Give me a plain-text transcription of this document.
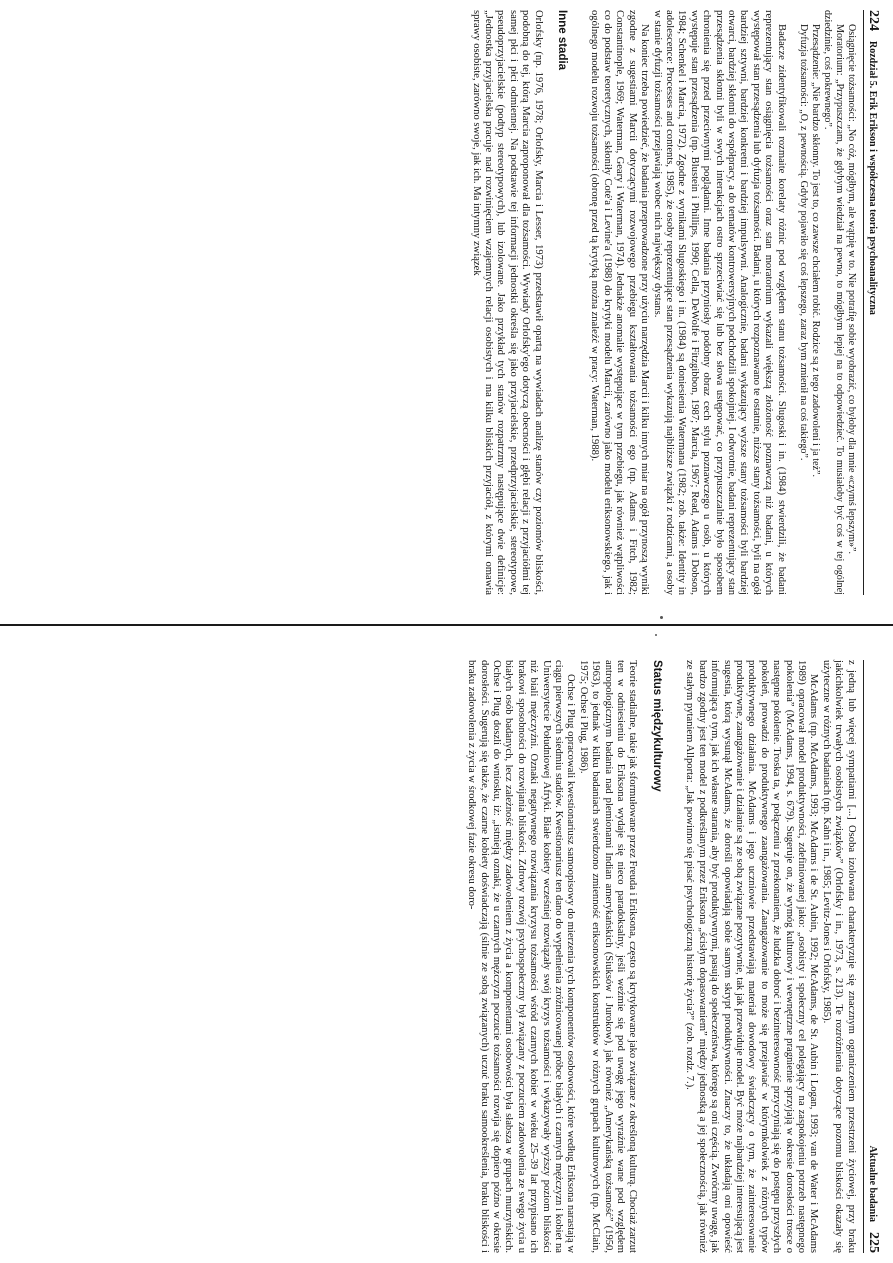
224
Rozdział 5. Erik Erikson i współczesna teoria psychoanalityczna

Osiągnięcie tożsamości: „No cóż, mógłbym, ale wątpię w to. Nie potrafię sobie wyobrazić, co byłoby dla mnie «czymś lepszym»”.

Moratorium: „Przypuszczam, że gdybym wiedział na pewno, to mógłbym lepiej na to odpowiedzieć. To musiałoby być coś w tej ogólnej dziedzinie, coś pokrewnego”.

Przesądzenie: „Nie bardzo skłonny. To jest to, co zawsze chciałem robić. Rodzice są z tego zadowoleni i ja też”.

Dyfuzja tożsamości: „O, z pewnością. Gdyby pojawiło się coś lepszego, zaraz bym zmienił na coś takiego”.

Badacze zidentyfikowali rozmaite korelaty różnic pod względem stanu tożsamości. Slugoski i in. (1984) stwierdzili, że badani reprezentujący stan osiągnięcia tożsamości oraz stan moratorium wykazali większą złożoność poznawczą niż badani, u których występował stan przesądzenia lub dyfuzja tożsamości. Badani, u których rozpoznawano te ostatnie, niższe stany tożsamości, byli na ogół bardziej sztywni, bardziej konkretni i bardziej impulsywni. Analogicznie, badani wykazujący wyższe stany tożsamości byli bardziej otwarci, bardziej skłonni do współpracy, a do tematów kontrowersyjnych podchodzili spokojniej. I odwrotnie, badani reprezentujący stan przesądzenia skłonni byli w swych interakcjach ostro sprzeciwiać się lub bez słowa ustępować, co przypuszczalnie było sposobem chronienia się przed przeciwnymi poglądami. Inne badania przyniosły podobny obraz cech stylu poznawczego u osób, u których występuje stan przesądzenia (np. Blustein i Phillips, 1990; Cella, DeWolfe i Fitzgibbon, 1987; Marcia, 1967; Read, Adams i Dobson, 1984; Schenkel i Marcia, 1972). Zgodne z wynikami Slugoskiego i in. (1984) są doniesienia Watermana (1982; zob. także: Identity in adolescence: Processes and contents, 1985), że osoby reprezentujące stan przesądzenia wykazują najbliższe związki z rodzicami, a osoby w stanie dyfuzji tożsamości przejawiają wobec nich największy dystans.

Na koniec trzeba powiedzieć, że badania przeprowadzone przy użyciu narzędzia Marcii i kilku innych miar na ogół przynoszą wyniki zgodne z sugestiami Marcii dotyczącymi rozwojowego przebiegu kształtowania tożsamości ego (np. Adams i Fitch, 1982; Constantinople, 1969; Waterman, Geary i Waterman, 1974). Jednakże anomalie występujące w tym przebiegu, jak również wątpliwości co do podstaw teoretycznych, skłoniły Coté'a i Levine'a (1988) do krytyki modelu Marcii, zarówno jako modelu eriksonowskiego, jak i ogólnego modelu rozwoju tożsamości (obronę przed tą krytyką można znaleźć w pracy: Waterman, 1988).

Inne stadia

Orlofsky (np. 1976, 1978; Orlofsky, Marcia i Lesser, 1973) przedstawił opartą na wywiadach analizę stanów czy poziomów bliskości, podobną do tej, którą Marcia zaproponował dla tożsamości. Wywiady Orlofsky'ego dotyczą obecności i głębi relacji z przyjaciółmi tej samej płci i płci odmiennej. Na podstawie tej informacji jednostki określa się jako przyjacielskie, przedprzyjacielskie, stereotypowe, pseudoprzyjacielskie (podtyp stereotypowych), lub izolowane. Jako przykład tych stanów rozpatrzmy następujące dwie definicje: „Jednostka przyjacielska pracuje nad rozwinięciem wzajemnych relacji osobistych i ma kilku bliskich przyjaciół, z którymi omawia sprawy osobiste, zarówno swoje, jak ich. Ma intymny związek

Aktualne badania
225

z jedną lub więcej sympatiami [...] Osoba izolowana charakteryzuje się znacznym ograniczeniem przestrzeni życiowej, przy braku jakichkolwiek trwałych osobistych związków” (Orlofsky i in., 1973, s. 213). Te rozróżnienia dotyczące pozomu bliskości okazały się użyteczne w różnych badaniach (np. Kahn i in., 1985; Levitz-Jones i Orlofsky, 1985).

McAdams (np. McAdams, 1993; McAdams i de St. Aubin, 1992; McAdams, de St. Aubin i Logan, 1993; van de Water i McAdams 1989) opracował model produktywności, zdefiniowanej jako: „osobisty i społeczny cel polegający na zaspokojeniu potrzeb następnego pokolenia” (McAdams, 1994, s. 679). Sugeruje on, że wymóg kulturowy i wewnętrzne pragnienie sprzyjają w okresie dorosłości trosce o następne pokolenie. Troska ta, w połączeniu z przekonaniem, że ludzka dobroć i bezinteresowność przyczyniają się do postępu przyszłych pokoleń, prowadzi do produktywnego zaangażowania. Zaangażowanie to może się przejawiać w którymkolwiek z różnych typów produktywnego działania. McAdams i jego uczniowie przedstawiają materiał dowodowy świadczący o tym, że zainteresowanie produktywne, zaangażowanie i działanie są ze sobą związane pozytywnie, tak jak przewiduje model. Być może najbardziej interesującą jest sugestia, którą wysunął McAdams, że dorośli opowiadają sobie samym skrypt produktywności. Znaczy to, że układają oni opowieść informującą o tym, jak ich własne starania, aby być produktywnymi, pasują do społeczeństwa, którego są oni częścią. Zwróćmy uwagę, jak bardzo zgodny jest ten model z podkreślanym przez Eriksona „ścisłym dopasowaniem” między jednostką a jej społecznością, jak również ze stałym pytaniem Allporta: „Jak powinno się pisać psychologiczną historię życia?” (zob. rozdz. 7.).

Status międzykulturowy

Teorie stadialne, takie jak sformułowane przez Freuda i Eriksona, często są krytykowane jako związane z określoną kulturą. Chociaż zarzut ten w odniesieniu do Eriksona wydaje się nieco paradoksalny, jeśli weźmie się pod uwagę jego wyraźnie wane pod względem antropologicznym badania nad plemionami Indian amerykańskich (Siuksów i Jurokow), jak również „Amerykańską tożsamość” (1950, 1963), to jednak w kilku badaniach stwierdzono zmienność eriksonowskich konstruktów w różnych grupach kulturowych (np. McClain, 1975; Ochse i Plug, 1986).

Ochse i Plug opracowali kwestionariusz samoopisowy do mierzenia tych komponentów osobowości, które według Eriksona narastają w ciągu pierwszych siedmiu stadiów. Kwestionariusz ten dano do wypełnienia zróżnicowanej próbce białych i czarnych mężczyzn i kobiet na Uniwersytecie Południowej Afryki. Białe kobiety wcześniej rozwiązały swój kryzys tożsamości i wykazywały wyższy poziom bliskości niż biali mężczyźni. Oznaki negatywnego rozwiązania kryzysu tożsamości wśród czarnych kobiet w wieku 25–39 lat przypisano ich brakowi sposobności do rozwijania bliskości. Zdrowy rozwój psychospołeczny był związany z poczuciem zadowolenia ze swego życia u białych osób badanych, lecz zależność między zadowoleniem z życia a komponentami osobowości była słabsza w grupach murzyńskich. Ochse i Plug doszli do wniosku, iż: „istnieją oznaki, że u czarnych mężczyzn poczucie tożsamości rozwija się dopiero późno w okresie dorosłości. Sugerują się także, że czarne kobiety doświadczają (silnie ze sobą związanych) uczuć braku samookreślenia, braku bliskości i braku zadowolenia z życia w środkowej fazie okresu doro-
